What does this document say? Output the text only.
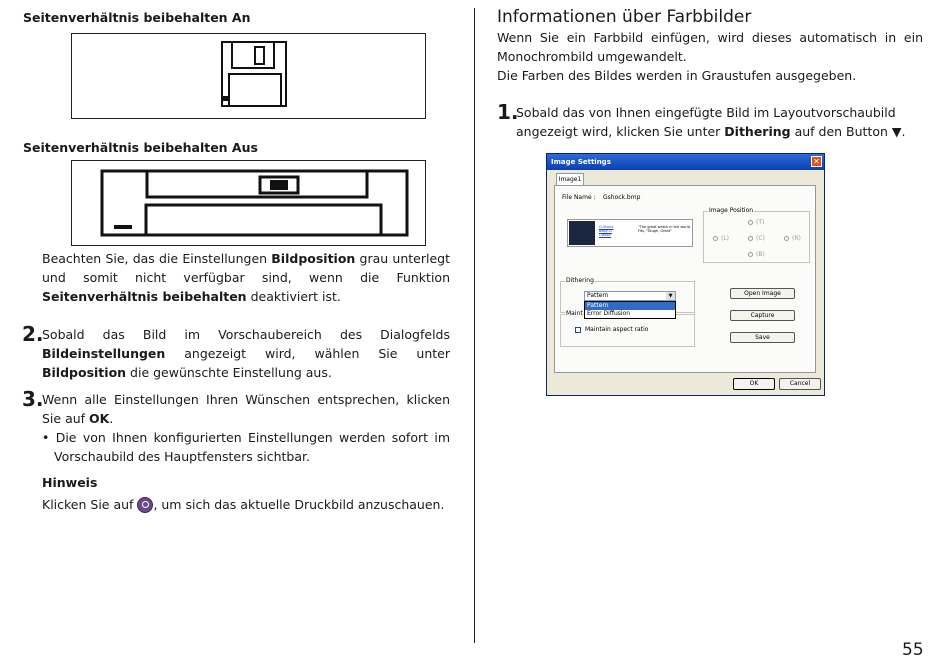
Seitenverhältnis beibehalten An
Seitenverhältnis beibehalten Aus
Beachten Sie, das die Einstellungen Bildposition grau unterlegt und somit nicht verfügbar sind, wenn die Funktion Seitenverhältnis beibehalten deaktiviert ist.
2.
Sobald das Bild im Vorschaubereich des Dialogfelds Bildeinstellungen angezeigt wird, wählen Sie unter Bildposition die gewünschte Einstellung aus.
3.
Wenn alle Einstellungen Ihren Wünschen entsprechen, klicken Sie auf OK.
• Die von Ihnen konfigurierten Einstellungen werden sofort im Vorschaubild des Hauptfensters sichtbar.
Hinweis
Klicken Sie auf , um sich das aktuelle Druckbild anzuschauen.
Informationen über Farbbilder
Wenn Sie ein Farbbild einfügen, wird dieses automatisch in ein Monochrombild umgewandelt.
Die Farben des Bildes werden in Graustufen ausgegeben.
1.
Sobald das von Ihnen eingefügte Bild im Layoutvorschaubild angezeigt wird, klicken Sie unter Dithering auf den Button ▼.
Image Settings	✕
Image1
File Name : Gshock.bmp
G-Shock
Baby-G
Classic
"The great watch in the world
Fits, "Tough, Great"
Image Position
(T)
(L)	(C)	(R)
(B)
Dithering
Maint
Maintain aspect ratio
Pattern	▼
Pattern
Error Diffusion
Open Image
Capture
Save
OK	Cancel
55
